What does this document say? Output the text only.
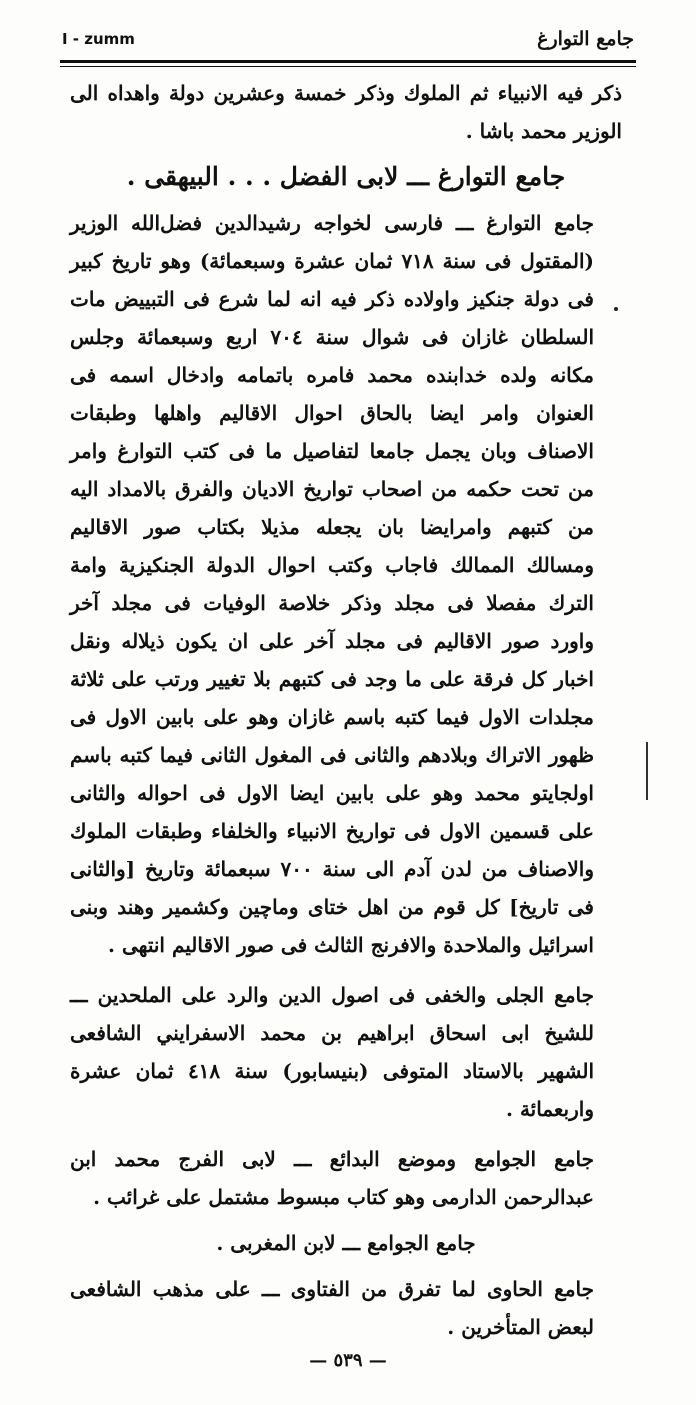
I - zumm	جامع التوارغ

ذكر فيه الانبياء ثم الملوك وذكر خمسة وعشرين دولة واهداه الى الوزير محمد باشا .

جامع التوارغ ـــ لابى الفضل . . . البيهقى .

جامع التوارغ ـــ فارسى لخواجه رشيدالدين فضل‌الله الوزير (المقتول فى سنة ٧١٨ ثمان عشرة وسبعمائة) وهو تاريخ كبير فى دولة جنكيز واولاده ذكر فيه انه لما شرع فى التبييض مات السلطان غازان فى شوال سنة ٧٠٤ اربع وسبعمائة وجلس مكانه ولده خدابنده محمد فامره باتمامه وادخال اسمه فى العنوان وامر ايضا بالحاق احوال الاقاليم واهلها وطبقات الاصناف وبان يجمل جامعا لتفاصيل ما فى كتب التوارغ وامر من تحت حكمه من اصحاب تواريخ الاديان والفرق بالامداد اليه من كتبهم وامرايضا بان يجعله مذيلا بكتاب صور الاقاليم ومسالك الممالك فاجاب وكتب احوال الدولة الجنكيزية وامة الترك مفصلا فى مجلد وذكر خلاصة الوفيات فى مجلد آخر واورد صور الاقاليم فى مجلد آخر على ان يكون ذيلاله ونقل اخبار كل فرقة على ما وجد فى كتبهم بلا تغيير ورتب على ثلاثة مجلدات الاول فيما كتبه باسم غازان وهو على بابين الاول فى ظهور الاتراك وبلادهم والثانى فى المغول الثانى فيما كتبه باسم اولجايتو محمد وهو على بابين ايضا الاول فى احواله والثانى على قسمين الاول فى تواريخ الانبياء والخلفاء وطبقات الملوك والاصناف من لدن آدم الى سنة ٧٠٠ سبعمائة وتاريخ [والثانى فى تاريخ] كل قوم من اهل ختاى وماچين وكشمير وهند وبنى اسرائيل والملاحدة والافرنج الثالث فى صور الاقاليم انتهى .

جامع الجلى والخفى فى اصول الدين والرد على الملحدين ـــ للشيخ ابى اسحاق ابراهيم بن محمد الاسفرايني الشافعى الشهير بالاستاد المتوفى (بنيسابور) سنة ٤١٨ ثمان عشرة واربعمائة .

جامع الجوامع وموضع البدائع ـــ لابى الفرج محمد ابن عبدالرحمن الدارمى وهو كتاب مبسوط مشتمل على غرائب .

جامع الجوامع ـــ لابن المغربى .

جامع الحاوى لما تفرق من الفتاوى ـــ على مذهب الشافعى لبعض المتأخرين .

— ٥٣٩ —
